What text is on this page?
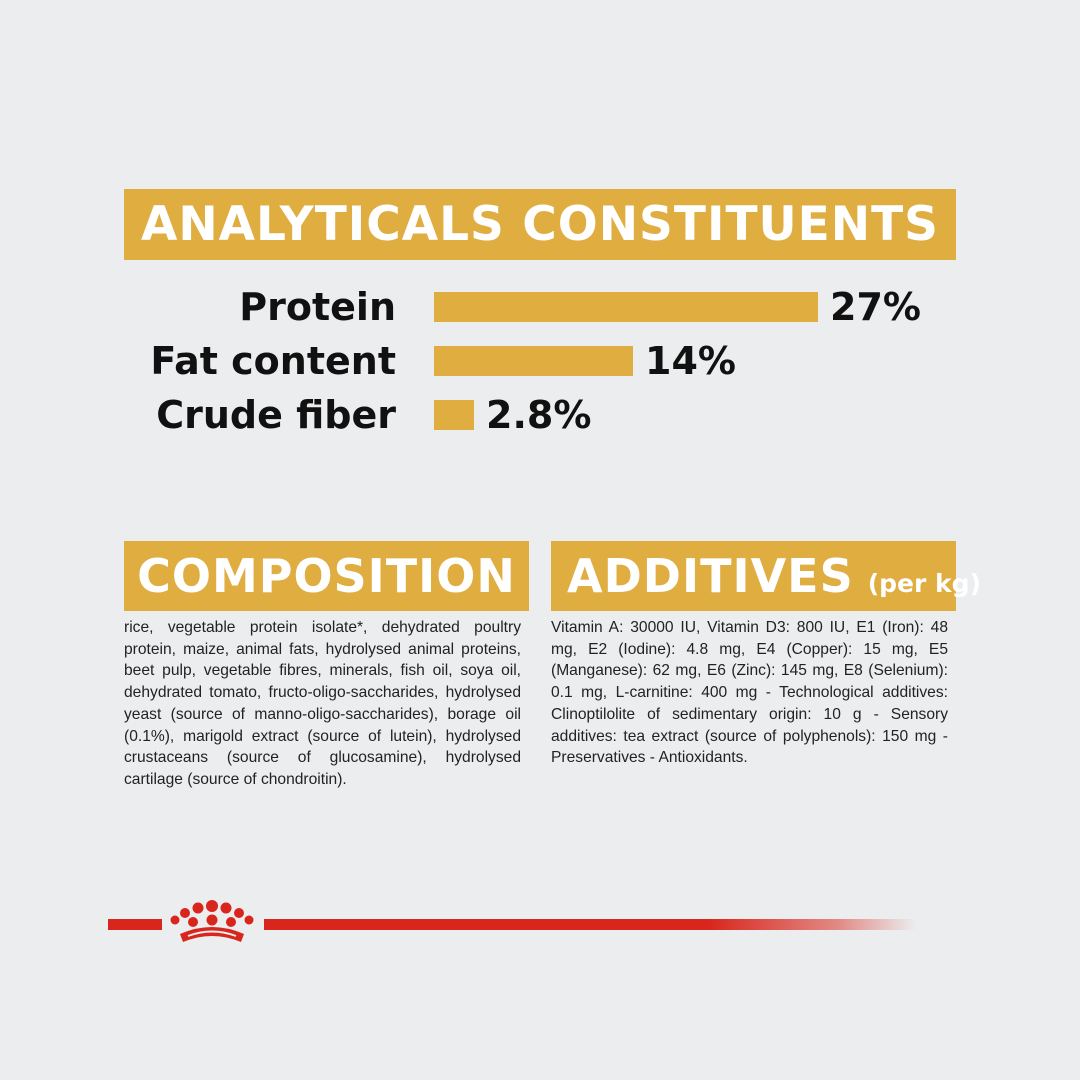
ANALYTICALS CONSTITUENTS
Protein	27%
Fat content	14%
Crude fiber 2.8%
COMPOSITION ADDITIVES (per kg)
rice, vegetable protein isolate*, dehydrated poultry protein, maize, animal fats, hydrolysed animal proteins, beet pulp, vegetable fibres, minerals, fish oil, soya oil, dehydrated tomato, fructo-oligo-saccharides, hydrolysed yeast (source of manno-oligo-saccharides), borage oil (0.1%), marigold extract (source of lutein), hydrolysed crustaceans (source of glucosamine), hydrolysed cartilage (source of chondroitin).
Vitamin A: 30000 IU, Vitamin D3: 800 IU, E1 (Iron): 48 mg, E2 (Iodine): 4.8 mg, E4 (Copper): 15 mg, E5 (Manganese): 62 mg, E6 (Zinc): 145 mg, E8 (Selenium): 0.1 mg, L-carnitine: 400 mg - Technological additives: Clinoptilolite of sedimentary origin: 10 g - Sensory additives: tea extract (source of polyphenols): 150 mg - Preservatives - Antioxidants.
